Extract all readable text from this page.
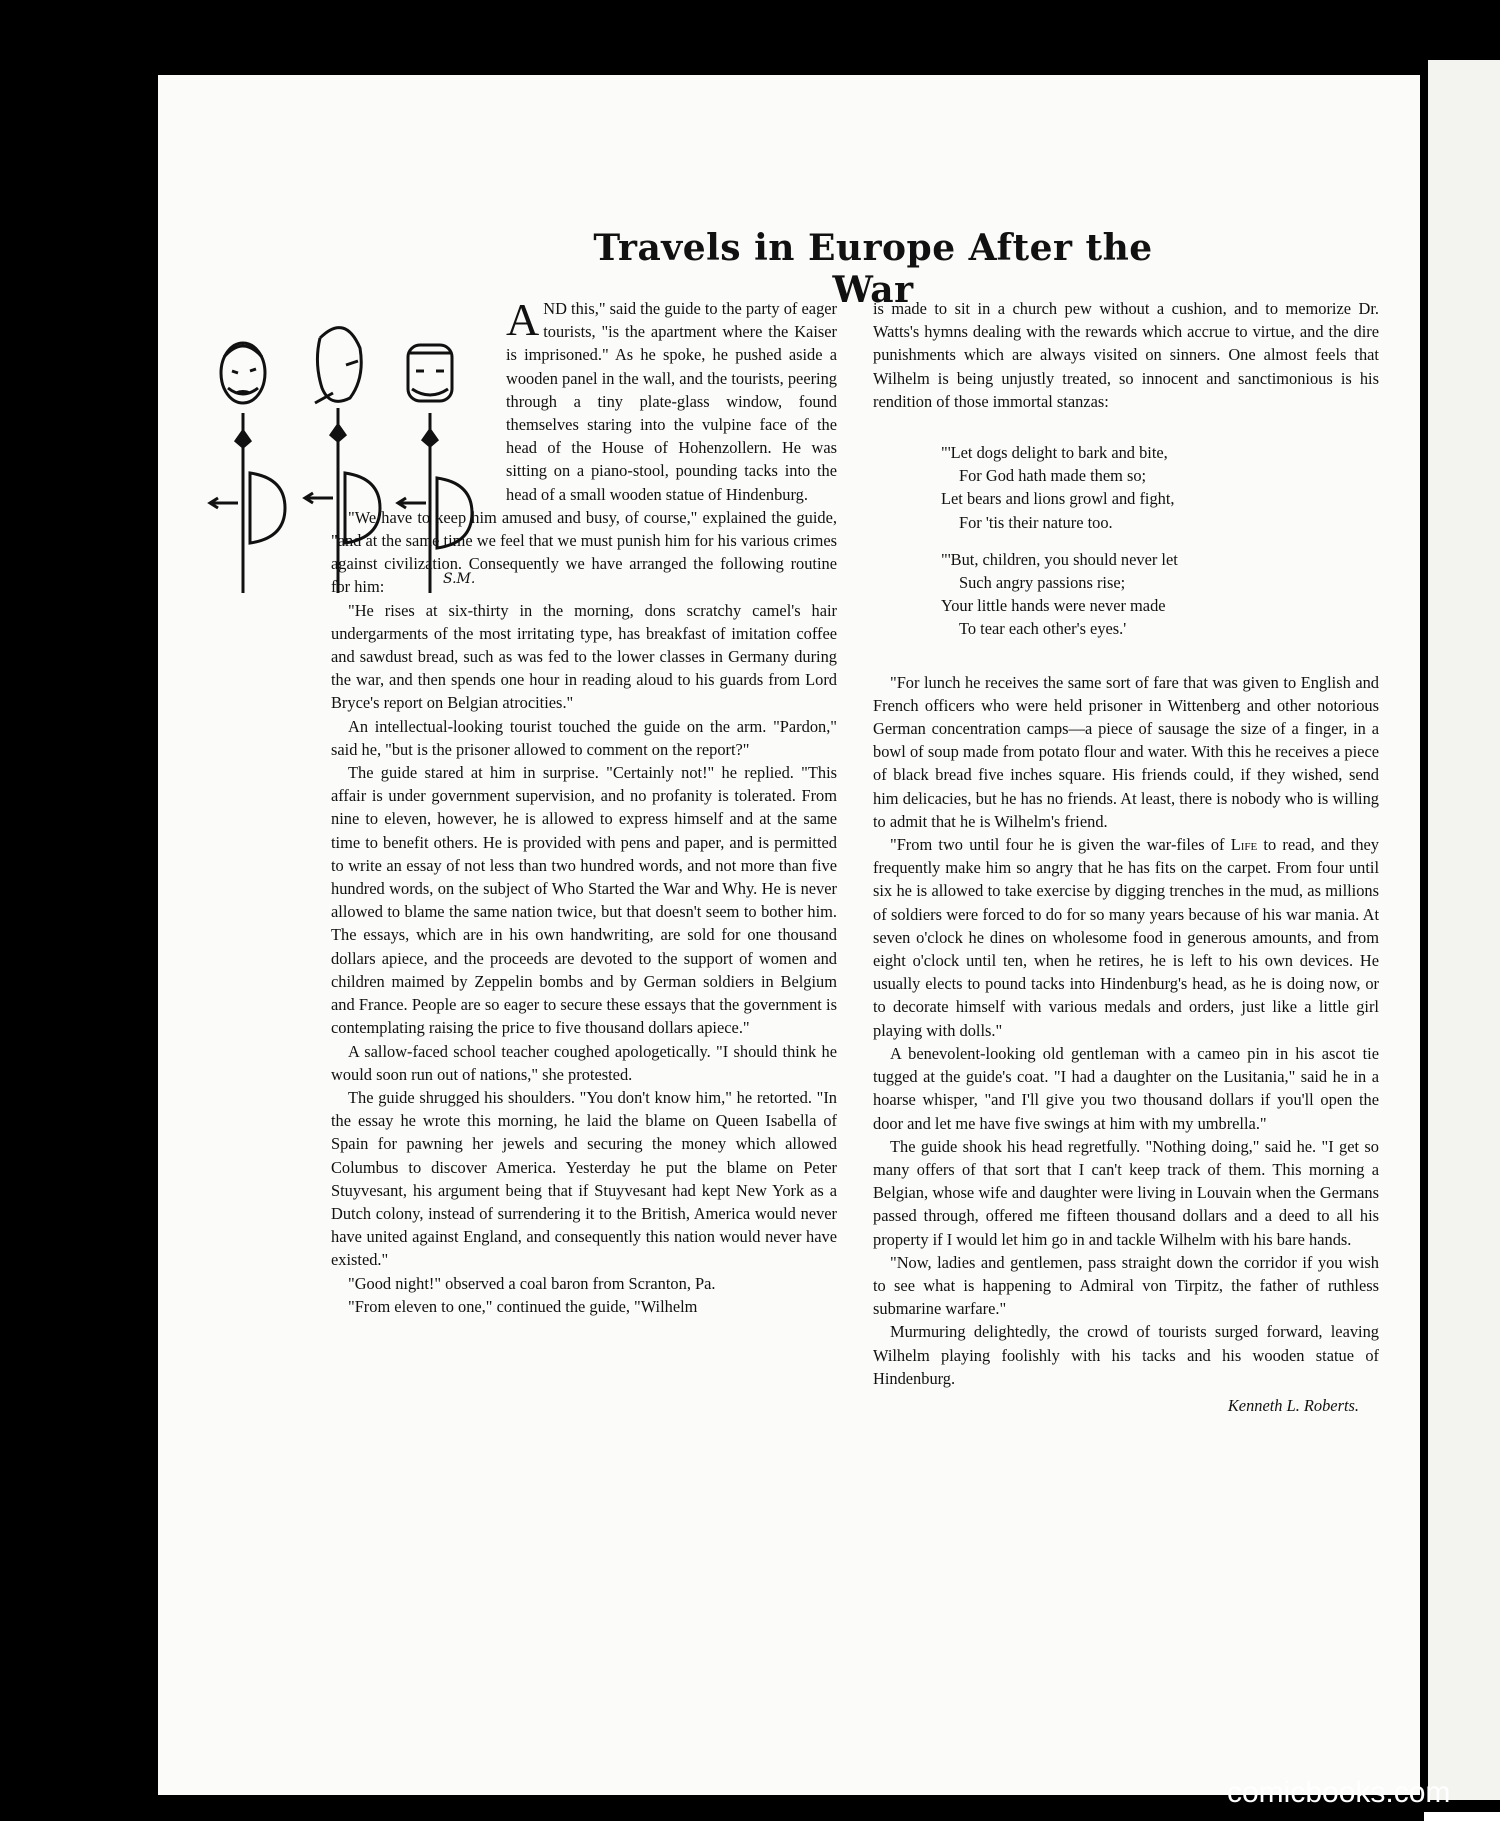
Travels in Europe After the War
S.M.

AND this," said the guide to the party of eager tourists, "is the apartment where the Kaiser is imprisoned." As he spoke, he pushed aside a wooden panel in the wall, and the tourists, peering through a tiny plate-glass window, found themselves staring into the vulpine face of the head of the House of Hohenzollern. He was sitting on a piano-stool, pounding tacks into the head of a small wooden statue of Hindenburg.

"We have to keep him amused and busy, of course," explained the guide, "and at the same time we feel that we must punish him for his various crimes against civilization. Consequently we have arranged the following routine for him:

"He rises at six-thirty in the morning, dons scratchy camel's hair undergarments of the most irritating type, has breakfast of imitation coffee and sawdust bread, such as was fed to the lower classes in Germany during the war, and then spends one hour in reading aloud to his guards from Lord Bryce's report on Belgian atrocities."

An intellectual-looking tourist touched the guide on the arm. "Pardon," said he, "but is the prisoner allowed to comment on the report?"

The guide stared at him in surprise. "Certainly not!" he replied. "This affair is under government supervision, and no profanity is tolerated. From nine to eleven, however, he is allowed to express himself and at the same time to benefit others. He is provided with pens and paper, and is permitted to write an essay of not less than two hundred words, and not more than five hundred words, on the subject of Who Started the War and Why. He is never allowed to blame the same nation twice, but that doesn't seem to bother him. The essays, which are in his own handwriting, are sold for one thousand dollars apiece, and the proceeds are devoted to the support of women and children maimed by Zeppelin bombs and by German soldiers in Belgium and France. People are so eager to secure these essays that the government is contemplating raising the price to five thousand dollars apiece."

A sallow-faced school teacher coughed apologetically. "I should think he would soon run out of nations," she protested.

The guide shrugged his shoulders. "You don't know him," he retorted. "In the essay he wrote this morning, he laid the blame on Queen Isabella of Spain for pawning her jewels and securing the money which allowed Columbus to discover America. Yesterday he put the blame on Peter Stuyvesant, his argument being that if Stuyvesant had kept New York as a Dutch colony, instead of surrendering it to the British, America would never have united against England, and consequently this nation would never have existed."

"Good night!" observed a coal baron from Scranton, Pa.

"From eleven to one," continued the guide, "Wilhelm

is made to sit in a church pew without a cushion, and to memorize Dr. Watts's hymns dealing with the rewards which accrue to virtue, and the dire punishments which are always visited on sinners. One almost feels that Wilhelm is being unjustly treated, so innocent and sanctimonious is his rendition of those immortal stanzas:

"'Let dogs delight to bark and bite,
For God hath made them so;
Let bears and lions growl and fight,
For 'tis their nature too.
"'But, children, you should never let
Such angry passions rise;
Your little hands were never made
To tear each other's eyes.'

"For lunch he receives the same sort of fare that was given to English and French officers who were held prisoner in Wittenberg and other notorious German concentration camps—a piece of sausage the size of a finger, in a bowl of soup made from potato flour and water. With this he receives a piece of black bread five inches square. His friends could, if they wished, send him delicacies, but he has no friends. At least, there is nobody who is willing to admit that he is Wilhelm's friend.

"From two until four he is given the war-files of Life to read, and they frequently make him so angry that he has fits on the carpet. From four until six he is allowed to take exercise by digging trenches in the mud, as millions of soldiers were forced to do for so many years because of his war mania. At seven o'clock he dines on wholesome food in generous amounts, and from eight o'clock until ten, when he retires, he is left to his own devices. He usually elects to pound tacks into Hindenburg's head, as he is doing now, or to decorate himself with various medals and orders, just like a little girl playing with dolls."

A benevolent-looking old gentleman with a cameo pin in his ascot tie tugged at the guide's coat. "I had a daughter on the Lusitania," said he in a hoarse whisper, "and I'll give you two thousand dollars if you'll open the door and let me have five swings at him with my umbrella."

The guide shook his head regretfully. "Nothing doing," said he. "I get so many offers of that sort that I can't keep track of them. This morning a Belgian, whose wife and daughter were living in Louvain when the Germans passed through, offered me fifteen thousand dollars and a deed to all his property if I would let him go in and tackle Wilhelm with his bare hands.

"Now, ladies and gentlemen, pass straight down the corridor if you wish to see what is happening to Admiral von Tirpitz, the father of ruthless submarine warfare."

Murmuring delightedly, the crowd of tourists surged forward, leaving Wilhelm playing foolishly with his tacks and his wooden statue of Hindenburg.

Kenneth L. Roberts.
comicbooks.com
